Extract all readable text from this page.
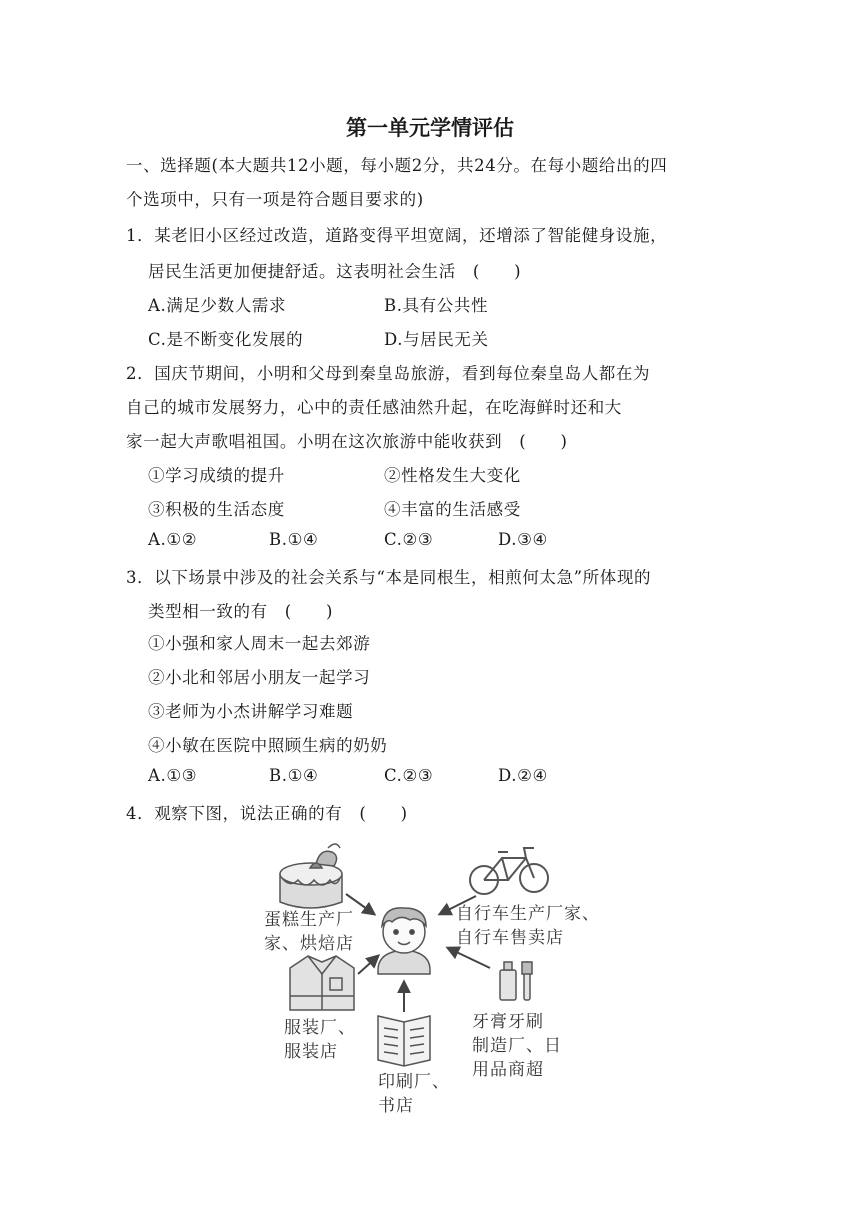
第一单元学情评估
一、选择题(本大题共12小题，每小题2分，共24分。在每小题给出的四
个选项中，只有一项是符合题目要求的)
1．某老旧小区经过改造，道路变得平坦宽阔，还增添了智能健身设施，
居民生活更加便捷舒适。这表明社会生活　(　　)
A.满足少数人需求	B.具有公共性
C.是不断变化发展的	D.与居民无关
2．国庆节期间，小明和父母到秦皇岛旅游，看到每位秦皇岛人都在为
自己的城市发展努力，心中的责任感油然升起，在吃海鲜时还和大
家一起大声歌唱祖国。小明在这次旅游中能收获到　(　　)
①学习成绩的提升	②性格发生大变化
③积极的生活态度	④丰富的生活感受
A.①②	B.①④	C.②③	D.③④
3．以下场景中涉及的社会关系与“本是同根生，相煎何太急”所体现的
类型相一致的有　(　　)
①小强和家人周末一起去郊游
②小北和邻居小朋友一起学习
③老师为小杰讲解学习难题
④小敏在医院中照顾生病的奶奶
A.①③	B.①④	C.②③	D.②④
4．观察下图，说法正确的有　(　　)
蛋糕生产厂
家、烘焙店
自行车生产厂家、
自行车售卖店
服装厂、
服装店
印刷厂、
书店
牙膏牙刷
制造厂、日
用品商超
